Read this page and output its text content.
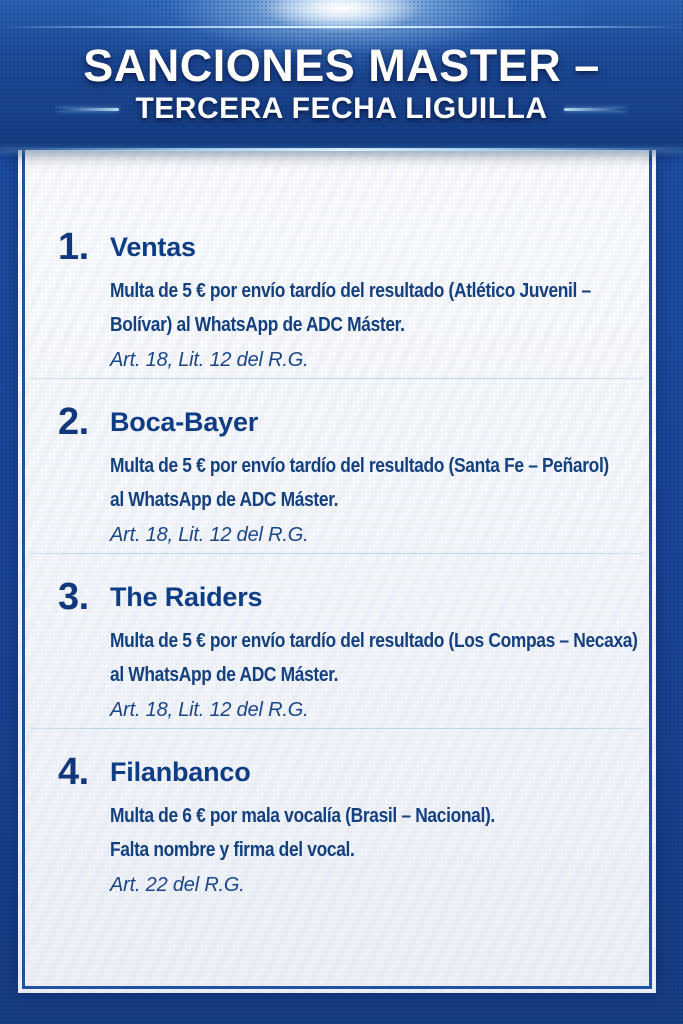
SANCIONES MASTER –
TERCERA FECHA LIGUILLA
1. Ventas

Multa de 5 € por envío tardío del resultado (Atlético Juvenil –

Bolívar) al WhatsApp de ADC Máster.

Art. 18, Lit. 12 del R.G.

2. Boca-Bayer

Multa de 5 € por envío tardío del resultado (Santa Fe – Peñarol)

al WhatsApp de ADC Máster.

Art. 18, Lit. 12 del R.G.

3. The Raiders

Multa de 5 € por envío tardío del resultado (Los Compas – Necaxa)

al WhatsApp de ADC Máster.

Art. 18, Lit. 12 del R.G.

4. Filanbanco

Multa de 6 € por mala vocalía (Brasil – Nacional).

Falta nombre y firma del vocal.

Art. 22 del R.G.
